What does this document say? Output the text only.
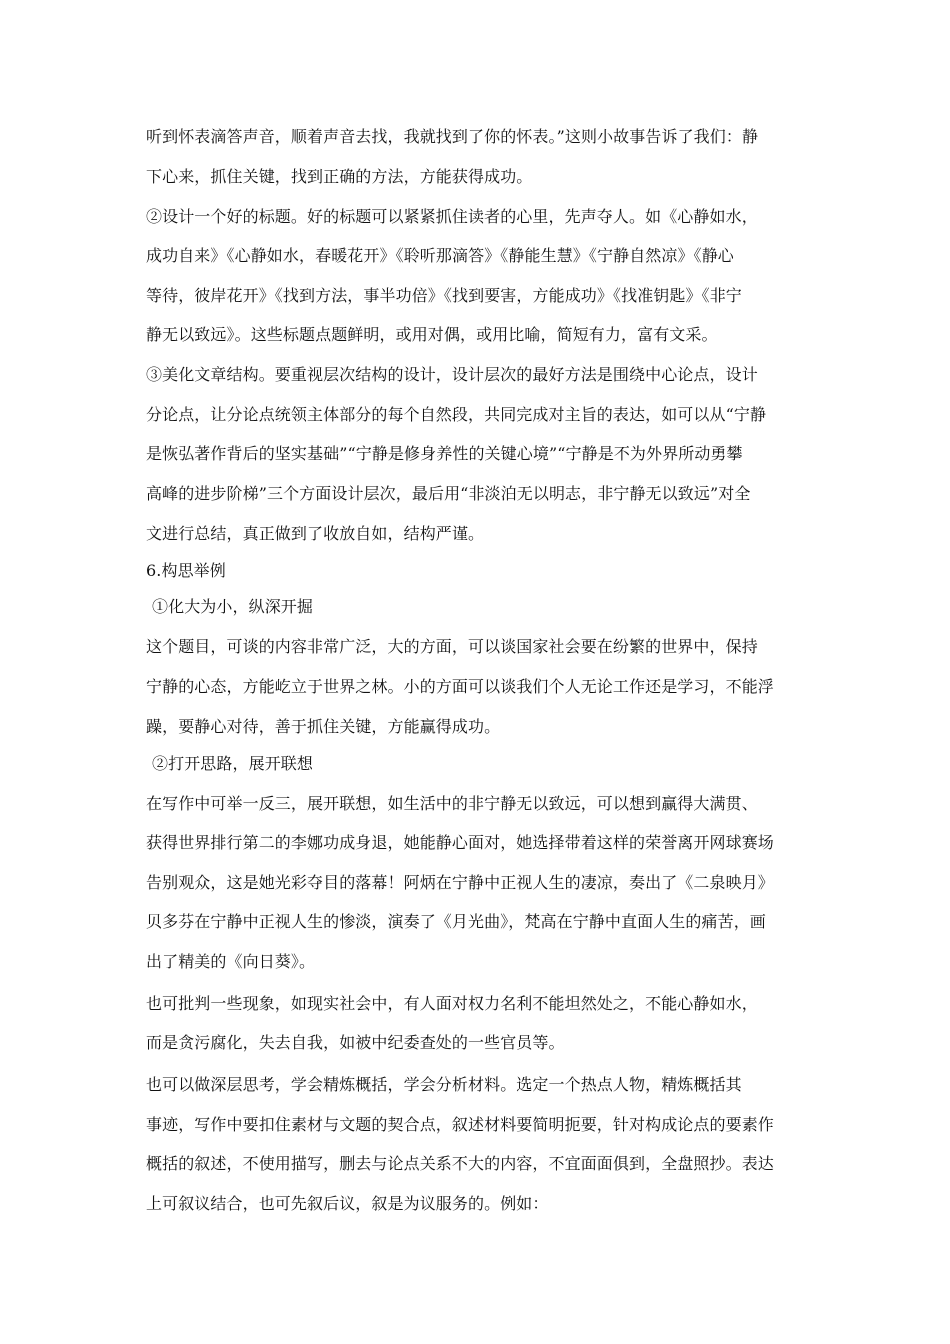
听到怀表滴答声音，顺着声音去找，我就找到了你的怀表。”这则小故事告诉了我们：静
下心来，抓住关键，找到正确的方法，方能获得成功。
②设计一个好的标题。好的标题可以紧紧抓住读者的心里，先声夺人。如《心静如水，
成功自来》《心静如水，春暖花开》《聆听那滴答》《静能生慧》《宁静自然凉》《静心
等待，彼岸花开》《找到方法，事半功倍》《找到要害，方能成功》《找准钥匙》《非宁
静无以致远》。这些标题点题鲜明，或用对偶，或用比喻，简短有力，富有文采。
③美化文章结构。要重视层次结构的设计，设计层次的最好方法是围绕中心论点，设计
分论点，让分论点统领主体部分的每个自然段，共同完成对主旨的表达，如可以从“宁静
是恢弘著作背后的坚实基础”“宁静是修身养性的关键心境”“宁静是不为外界所动勇攀
高峰的进步阶梯”三个方面设计层次，最后用“非淡泊无以明志，非宁静无以致远”对全
文进行总结，真正做到了收放自如，结构严谨。
6.构思举例
①化大为小，纵深开掘
这个题目，可谈的内容非常广泛，大的方面，可以谈国家社会要在纷繁的世界中，保持
宁静的心态，方能屹立于世界之林。小的方面可以谈我们个人无论工作还是学习，不能浮
躁，要静心对待，善于抓住关键，方能赢得成功。
②打开思路，展开联想
在写作中可举一反三，展开联想，如生活中的非宁静无以致远，可以想到赢得大满贯、
获得世界排行第二的李娜功成身退，她能静心面对，她选择带着这样的荣誉离开网球赛场
告别观众，这是她光彩夺目的落幕！阿炳在宁静中正视人生的凄凉，奏出了《二泉映月》
贝多芬在宁静中正视人生的惨淡，演奏了《月光曲》，梵高在宁静中直面人生的痛苦，画
出了精美的《向日葵》。
也可批判一些现象，如现实社会中，有人面对权力名利不能坦然处之，不能心静如水，
而是贪污腐化，失去自我，如被中纪委查处的一些官员等。
也可以做深层思考，学会精炼概括，学会分析材料。选定一个热点人物，精炼概括其
事迹，写作中要扣住素材与文题的契合点，叙述材料要简明扼要，针对构成论点的要素作
概括的叙述，不使用描写，删去与论点关系不大的内容，不宜面面俱到，全盘照抄。表达
上可叙议结合，也可先叙后议，叙是为议服务的。例如：
